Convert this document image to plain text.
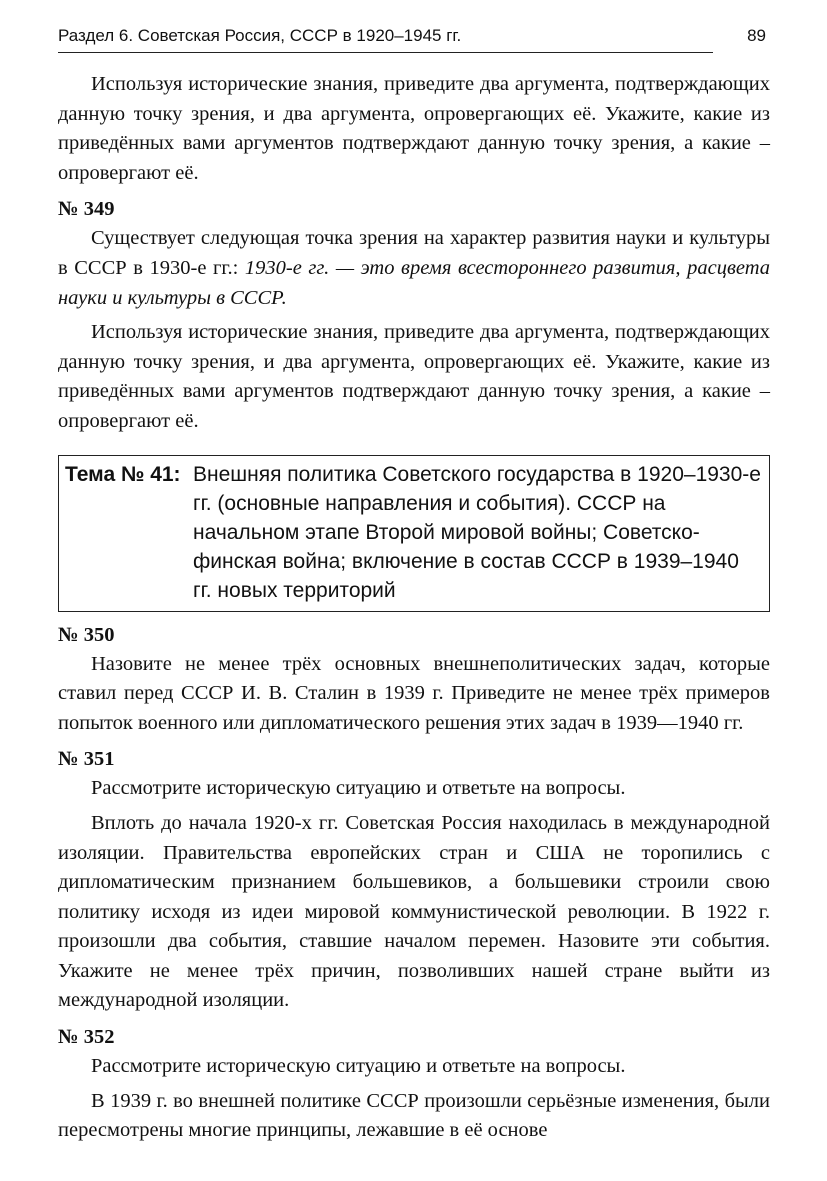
Раздел 6. Советская Россия, СССР в 1920–1945 гг.	89

Используя исторические знания, приведите два аргумента, подтверждающих данную точку зрения, и два аргумента, опровергающих её. Укажите, какие из приведённых вами аргументов подтверждают данную точку зрения, а какие – опровергают её.

№ 349

Существует следующая точка зрения на характер развития науки и культуры в СССР в 1930-е гг.: 1930-е гг. — это время всестороннего развития, расцвета науки и культуры в СССР.

Используя исторические знания, приведите два аргумента, подтверждающих данную точку зрения, и два аргумента, опровергающих её. Укажите, какие из приведённых вами аргументов подтверждают данную точку зрения, а какие – опровергают её.

Тема № 41: Внешняя политика Советского государства в 1920–1930-е гг. (основные направления и события). СССР на начальном этапе Второй мировой войны; Советско-финская война; включение в состав СССР в 1939–1940 гг. новых территорий
№ 350

Назовите не менее трёх основных внешнеполитических задач, которые ставил перед СССР И. В. Сталин в 1939 г. Приведите не менее трёх примеров попыток военного или дипломатического решения этих задач в 1939—1940 гг.

№ 351

Рассмотрите историческую ситуацию и ответьте на вопросы.

Вплоть до начала 1920-х гг. Советская Россия находилась в международной изоляции. Правительства европейских стран и США не торопились с дипломатическим признанием большевиков, а большевики строили свою политику исходя из идеи мировой коммунистической революции. В 1922 г. произошли два события, ставшие началом перемен. Назовите эти события. Укажите не менее трёх причин, позволивших нашей стране выйти из международной изоляции.

№ 352

Рассмотрите историческую ситуацию и ответьте на вопросы.

В 1939 г. во внешней политике СССР произошли серьёзные изменения, были пересмотрены многие принципы, лежавшие в её основе
